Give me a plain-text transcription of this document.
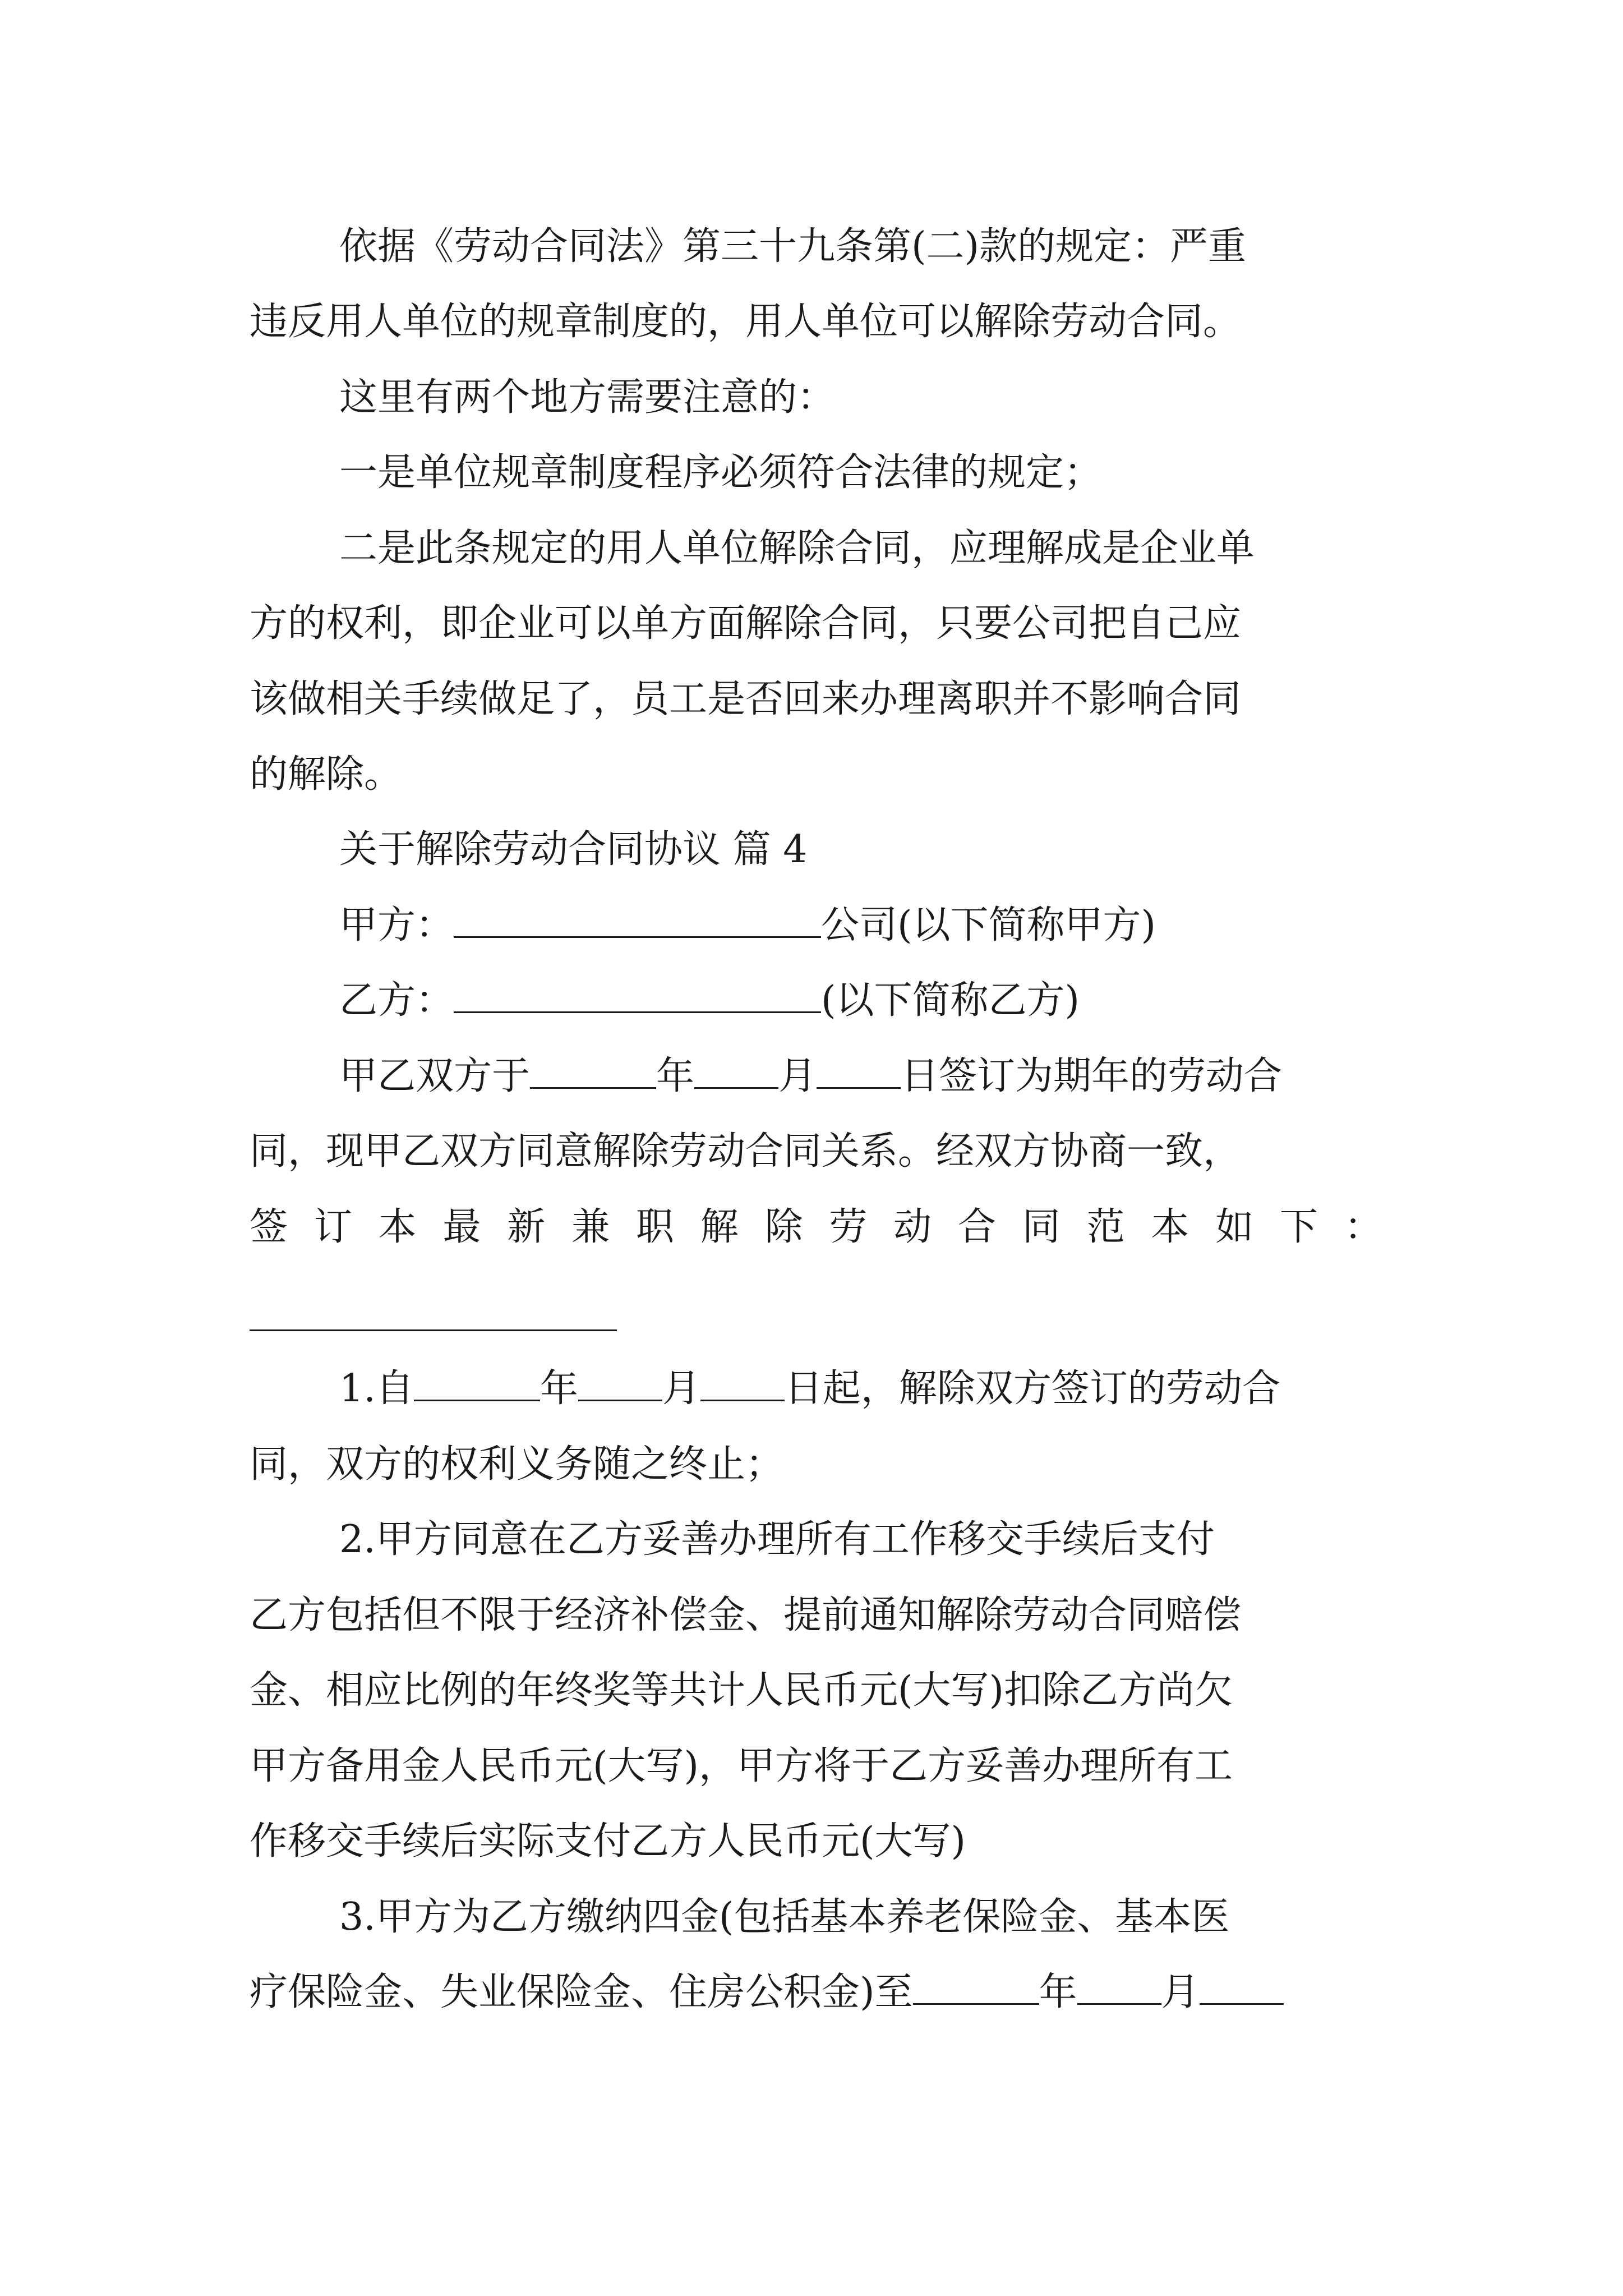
依据《劳动合同法》第三十九条第(二)款的规定：严重
违反用人单位的规章制度的，用人单位可以解除劳动合同。
这里有两个地方需要注意的：
一是单位规章制度程序必须符合法律的规定；
二是此条规定的用人单位解除合同，应理解成是企业单
方的权利，即企业可以单方面解除合同，只要公司把自己应
该做相关手续做足了，员工是否回来办理离职并不影响合同
的解除。
关于解除劳动合同协议 篇 4
甲方：	公司(以下简称甲方)
乙方：	(以下简称乙方)
甲乙双方于	年 月 日签订为期年的劳动合
同，现甲乙双方同意解除劳动合同关系。经双方协商一致，
签 订 本 最 新 兼 职 解 除 劳 动 合 同 范 本 如 下 ：
1.自	年 月 日起，解除双方签订的劳动合
同，双方的权利义务随之终止；
2.甲方同意在乙方妥善办理所有工作移交手续后支付
乙方包括但不限于经济补偿金、提前通知解除劳动合同赔偿
金、相应比例的年终奖等共计人民币元(大写)扣除乙方尚欠
甲方备用金人民币元(大写)，甲方将于乙方妥善办理所有工
作移交手续后实际支付乙方人民币元(大写)
3.甲方为乙方缴纳四金(包括基本养老保险金、基本医
疗保险金、失业保险金、住房公积金)至	年 月
